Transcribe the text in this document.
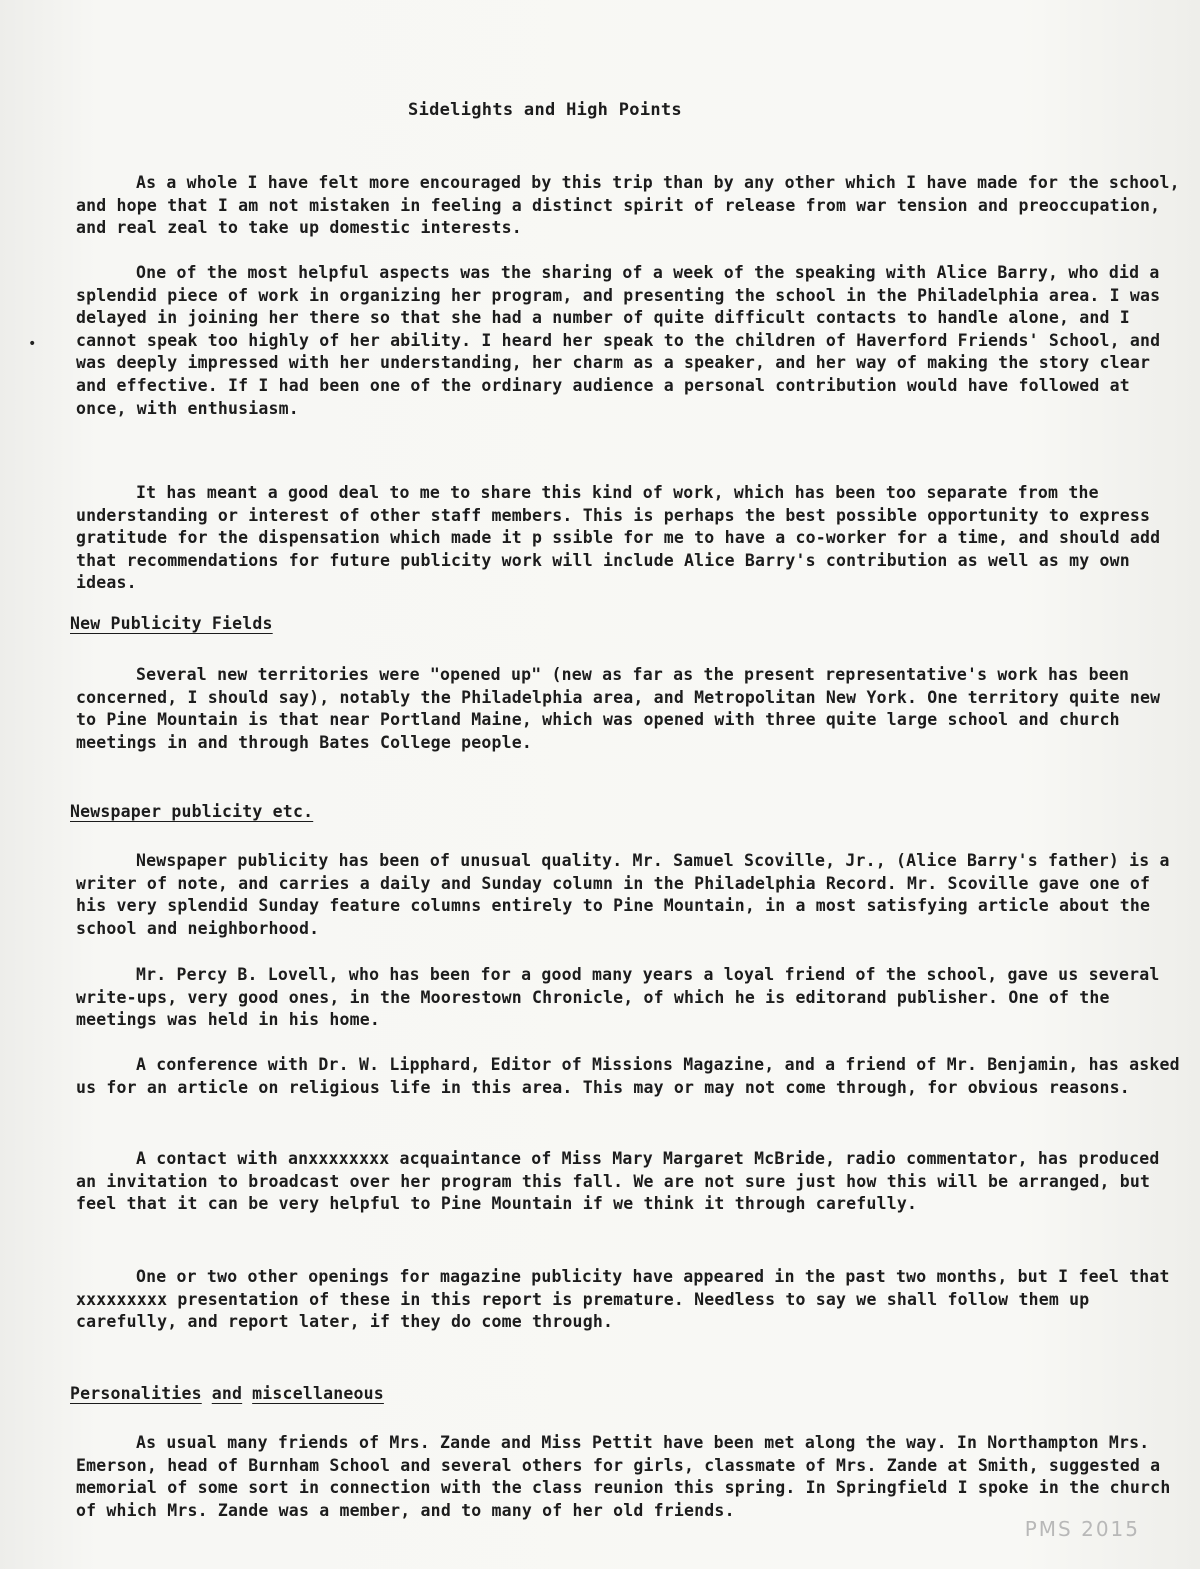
Sidelights and High Points

As a whole I have felt more encouraged by this trip than by any other which I have made for the school, and hope that I am not mistaken in feeling a distinct spirit of release from war tension and preoccupation, and real zeal to take up domestic interests.

One of the most helpful aspects was the sharing of a week of the speaking with Alice Barry, who did a splendid piece of work in organizing her program, and presenting the school in the Philadelphia area. I was delayed in joining her there so that she had a number of quite difficult contacts to handle alone, and I cannot speak too highly of her ability. I heard her speak to the children of Haverford Friends' School, and was deeply impressed with her understanding, her charm as a speaker, and her way of making the story clear and effective. If I had been one of the ordinary audience a personal contribution would have followed at once, with enthusiasm.

It has meant a good deal to me to share this kind of work, which has been too separate from the understanding or interest of other staff members. This is perhaps the best possible opportunity to express gratitude for the dispensation which made it p ssible for me to have a co-worker for a time, and should add that recommendations for future publicity work will include Alice Barry's contribution as well as my own ideas.

New Publicity Fields

Several new territories were "opened up" (new as far as the present representative's work has been concerned, I should say), notably the Philadelphia area, and Metropolitan New York. One territory quite new to Pine Mountain is that near Portland Maine, which was opened with three quite large school and church meetings in and through Bates College people.

Newspaper publicity etc.

Newspaper publicity has been of unusual quality. Mr. Samuel Scoville, Jr., (Alice Barry's father) is a writer of note, and carries a daily and Sunday column in the Philadelphia Record. Mr. Scoville gave one of his very splendid Sunday feature columns entirely to Pine Mountain, in a most satisfying article about the school and neighborhood.

Mr. Percy B. Lovell, who has been for a good many years a loyal friend of the school, gave us several write-ups, very good ones, in the Moorestown Chronicle, of which he is editorand publisher. One of the meetings was held in his home.

A conference with Dr. W. Lipphard, Editor of Missions Magazine, and a friend of Mr. Benjamin, has asked us for an article on religious life in this area. This may or may not come through, for obvious reasons.

A contact with anxxxxxxxx acquaintance of Miss Mary Margaret McBride, radio commentator, has produced an invitation to broadcast over her program this fall. We are not sure just how this will be arranged, but feel that it can be very helpful to Pine Mountain if we think it through carefully.

One or two other openings for magazine publicity have appeared in the past two months, but I feel that xxxxxxxxx presentation of these in this report is premature. Needless to say we shall follow them up carefully, and report later, if they do come through.

Personalities and miscellaneous

As usual many friends of Mrs. Zande and Miss Pettit have been met along the way. In Northampton Mrs. Emerson, head of Burnham School and several others for girls, classmate of Mrs. Zande at Smith, suggested a memorial of some sort in connection with the class reunion this spring. In Springfield I spoke in the church of which Mrs. Zande was a member, and to many of her old friends.

•
PMS 2015
